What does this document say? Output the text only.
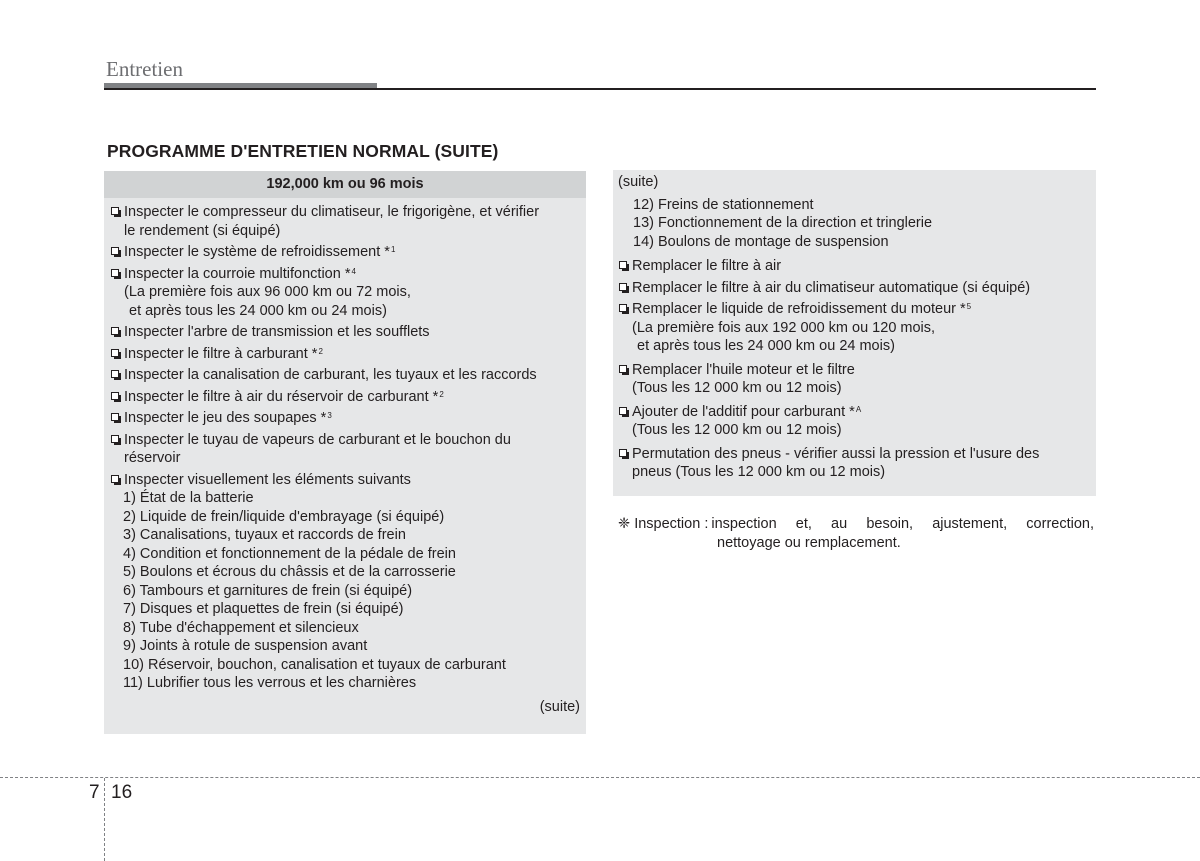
Entretien
PROGRAMME D'ENTRETIEN NORMAL (SUITE)
192,000 km ou 96 mois
Inspecter le compresseur du climatiseur, le frigorigène, et vérifier
le rendement (si équipé)
Inspecter le système de refroidissement *$^1$
Inspecter la courroie multifonction *$^4$
(La première fois aux 96 000 km ou 72 mois,
et après tous les 24 000 km ou 24 mois)
Inspecter l'arbre de transmission et les soufflets
Inspecter le filtre à carburant *$^2$
Inspecter la canalisation de carburant, les tuyaux et les raccords
Inspecter le filtre à air du réservoir de carburant *$^2$
Inspecter le jeu des soupapes *$^3$
Inspecter le tuyau de vapeurs de carburant et le bouchon du
réservoir
Inspecter visuellement les éléments suivants
1) État de la batterie
2) Liquide de frein/liquide d'embrayage (si équipé)
3) Canalisations, tuyaux et raccords de frein
4) Condition et fonctionnement de la pédale de frein
5) Boulons et écrous du châssis et de la carrosserie
6) Tambours et garnitures de frein (si équipé)
7) Disques et plaquettes de frein (si équipé)
8) Tube d'échappement et silencieux
9) Joints à rotule de suspension avant
10) Réservoir, bouchon, canalisation et tuyaux de carburant
11) Lubrifier tous les verrous et les charnières
(suite)
(suite)
12) Freins de stationnement
13) Fonctionnement de la direction et tringlerie
14) Boulons de montage de suspension
Remplacer le filtre à air
Remplacer le filtre à air du climatiseur automatique (si équipé)
Remplacer le liquide de refroidissement du moteur *$^5$
(La première fois aux 192 000 km ou 120 mois,
et après tous les 24 000 km ou 24 mois)
Remplacer l'huile moteur et le filtre
(Tous les 12 000 km ou 12 mois)
Ajouter de l'additif pour carburant *$^A$
(Tous les 12 000 km ou 12 mois)
Permutation des pneus - vérifier aussi la pression et l'usure des
pneus (Tous les 12 000 km ou 12 mois)
❈ Inspection : inspection et, au besoin, ajustement, correction,
nettoyage ou remplacement.
7 16
